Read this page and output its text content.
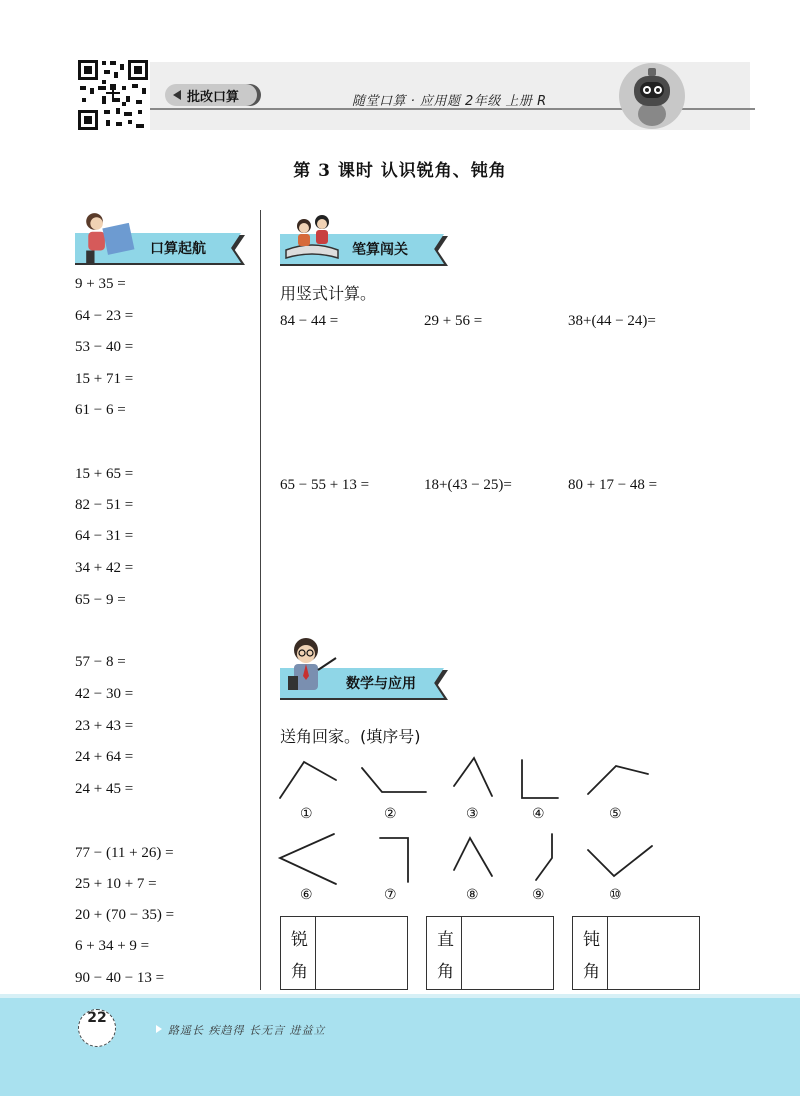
批改口算	随堂口算 · 应用题 2年级 上册 R
第 3 课时 认识锐角、钝角
口算起航
9 + 35 =
64 − 23 =
53 − 40 =
15 + 71 =
61 − 6 =
15 + 65 =
82 − 51 =
64 − 31 =
34 + 42 =
65 − 9 =
57 − 8 =
42 − 30 =
23 + 43 =
24 + 64 =
24 + 45 =
77 − (11 + 26) =
25 + 10 + 7 =
20 + (70 − 35) =
6 + 34 + 9 =
90 − 40 − 13 =
笔算闯关
用竖式计算。
84 − 44 =	29 + 56 =	38+(44 − 24)=
65 − 55 + 13 =	18+(43 − 25)=	80 + 17 − 48 =
数学与应用
送角回家。(填序号)
①	②	③	④	⑤
⑥	⑦	⑧	⑨	⑩
锐
角
直
角
钝
角
22
路遥长 疾趋得 长无言 进益立
